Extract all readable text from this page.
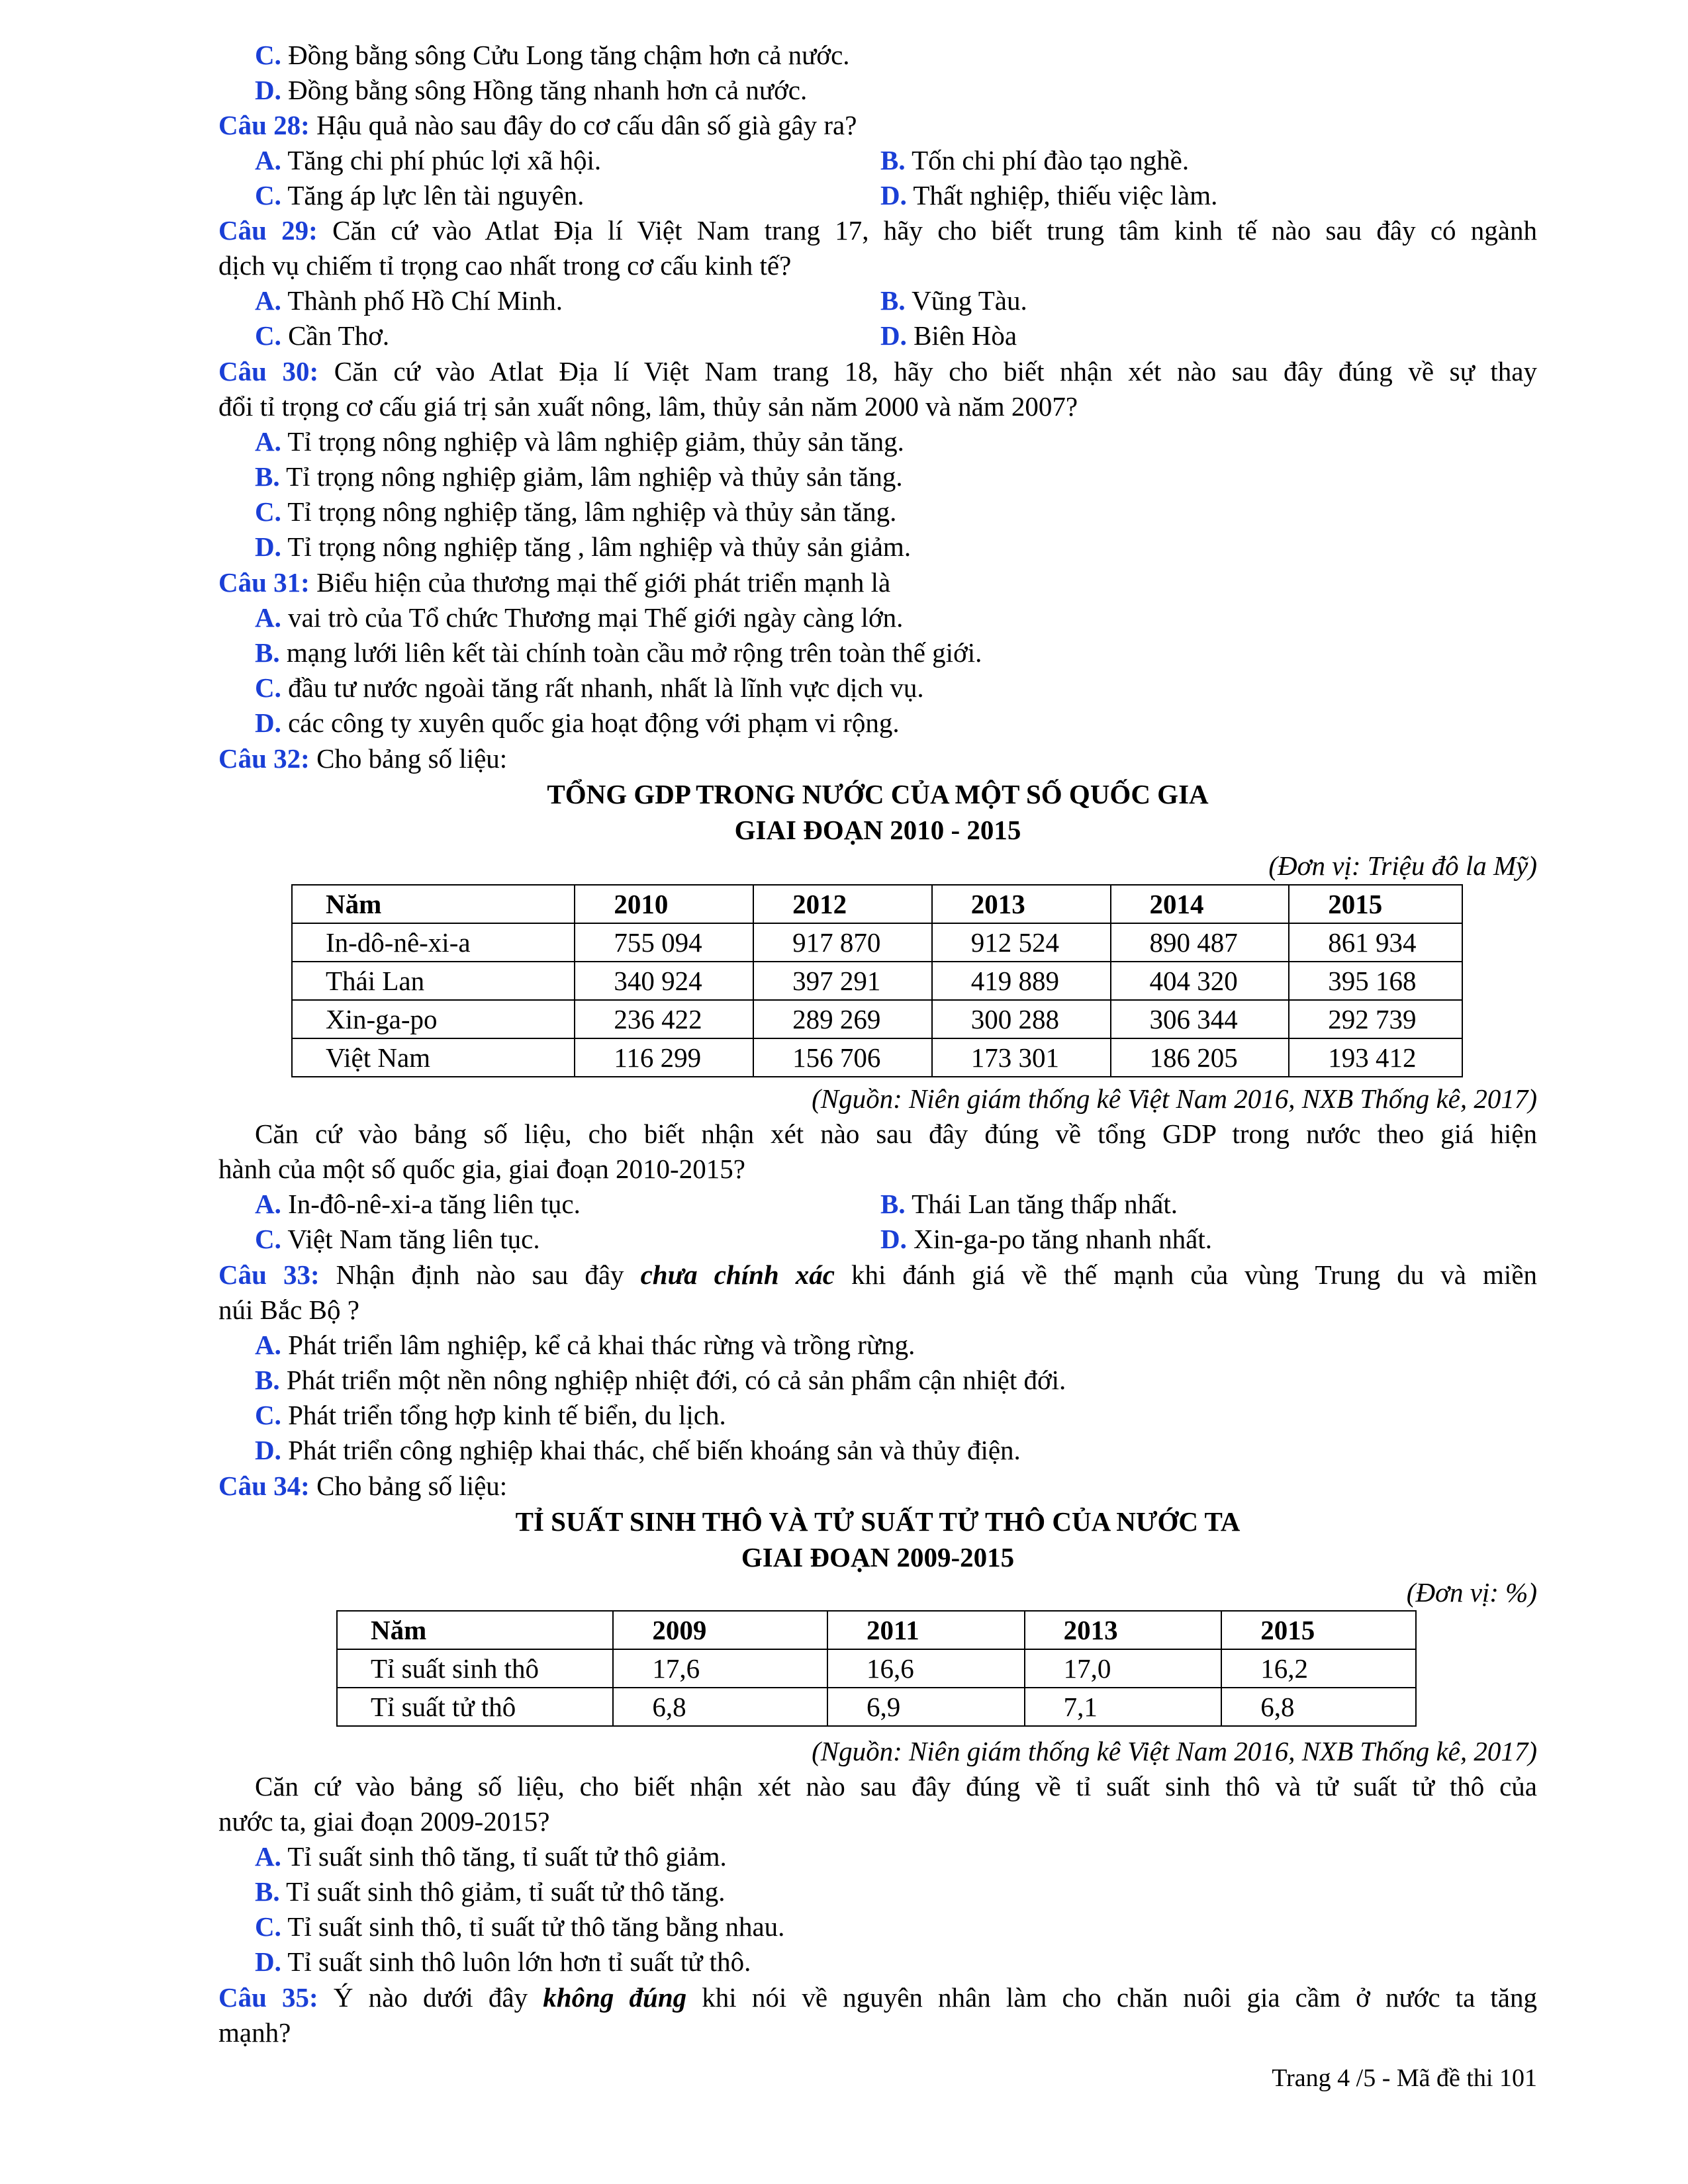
C. Đồng bằng sông Cửu Long tăng chậm hơn cả nước.
D. Đồng bằng sông Hồng tăng nhanh hơn cả nước.
Câu 28: Hậu quả nào sau đây do cơ cấu dân số già gây ra?
A. Tăng chi phí phúc lợi xã hội.	B. Tốn chi phí đào tạo nghề.
C. Tăng áp lực lên tài nguyên.	D. Thất nghiệp, thiếu việc làm.
Câu 29: Căn cứ vào Atlat Địa lí Việt Nam trang 17, hãy cho biết trung tâm kinh tế nào sau đây có ngành
dịch vụ chiếm tỉ trọng cao nhất trong cơ cấu kinh tế?
A. Thành phố Hồ Chí Minh.	B. Vũng Tàu.
C. Cần Thơ.	D. Biên Hòa
Câu 30: Căn cứ vào Atlat Địa lí Việt Nam trang 18, hãy cho biết nhận xét nào sau đây đúng về sự thay
đổi tỉ trọng cơ cấu giá trị sản xuất nông, lâm, thủy sản năm 2000 và năm 2007?
A. Tỉ trọng nông nghiệp và lâm nghiệp giảm, thủy sản tăng.
B. Tỉ trọng nông nghiệp giảm, lâm nghiệp và thủy sản tăng.
C. Tỉ trọng nông nghiệp tăng, lâm nghiệp và thủy sản tăng.
D. Tỉ trọng nông nghiệp tăng , lâm nghiệp và thủy sản giảm.
Câu 31: Biểu hiện của thương mại thế giới phát triển mạnh là
A. vai trò của Tổ chức Thương mại Thế giới ngày càng lớn.
B. mạng lưới liên kết tài chính toàn cầu mở rộng trên toàn thế giới.
C. đầu tư nước ngoài tăng rất nhanh, nhất là lĩnh vực dịch vụ.
D. các công ty xuyên quốc gia hoạt động với phạm vi rộng.
Câu 32: Cho bảng số liệu:
TỔNG GDP TRONG NƯỚC CỦA MỘT SỐ QUỐC GIA
GIAI ĐOẠN 2010 - 2015
(Đơn vị: Triệu đô la Mỹ)
Năm	2010	2012	2013	2014	2015
In-dô-nê-xi-a	755 094	917 870	912 524	890 487	861 934
Thái Lan	340 924	397 291	419 889	404 320	395 168
Xin-ga-po	236 422	289 269	300 288	306 344	292 739
Việt Nam	116 299	156 706	173 301	186 205	193 412
(Nguồn: Niên giám thống kê Việt Nam 2016, NXB Thống kê, 2017)
Căn cứ vào bảng số liệu, cho biết nhận xét nào sau đây đúng về tổng GDP trong nước theo giá hiện
hành của một số quốc gia, giai đoạn 2010-2015?
A. In-đô-nê-xi-a tăng liên tục.	B. Thái Lan tăng thấp nhất.
C. Việt Nam tăng liên tục.	D. Xin-ga-po tăng nhanh nhất.
Câu 33: Nhận định nào sau đây chưa chính xác khi đánh giá về thế mạnh của vùng Trung du và miền
núi Bắc Bộ ?
A. Phát triển lâm nghiệp, kể cả khai thác rừng và trồng rừng.
B. Phát triển một nền nông nghiệp nhiệt đới, có cả sản phẩm cận nhiệt đới.
C. Phát triển tổng hợp kinh tế biển, du lịch.
D. Phát triển công nghiệp khai thác, chế biến khoáng sản và thủy điện.
Câu 34: Cho bảng số liệu:
TỈ SUẤT SINH THÔ VÀ TỬ SUẤT TỬ THÔ CỦA NƯỚC TA
GIAI ĐOẠN 2009-2015
(Đơn vị: %)
Năm	2009	2011	2013	2015
Tỉ suất sinh thô	17,6	16,6	17,0	16,2
Tỉ suất tử thô	6,8	6,9	7,1	6,8
(Nguồn: Niên giám thống kê Việt Nam 2016, NXB Thống kê, 2017)
Căn cứ vào bảng số liệu, cho biết nhận xét nào sau đây đúng về tỉ suất sinh thô và tử suất tử thô của
nước ta, giai đoạn 2009-2015?
A. Tỉ suất sinh thô tăng, tỉ suất tử thô giảm.
B. Tỉ suất sinh thô giảm, tỉ suất tử thô tăng.
C. Tỉ suất sinh thô, tỉ suất tử thô tăng bằng nhau.
D. Tỉ suất sinh thô luôn lớn hơn tỉ suất tử thô.
Câu 35: Ý nào dưới đây không đúng khi nói về nguyên nhân làm cho chăn nuôi gia cầm ở nước ta tăng
mạnh?
Trang 4 /5 - Mã đề thi 101
